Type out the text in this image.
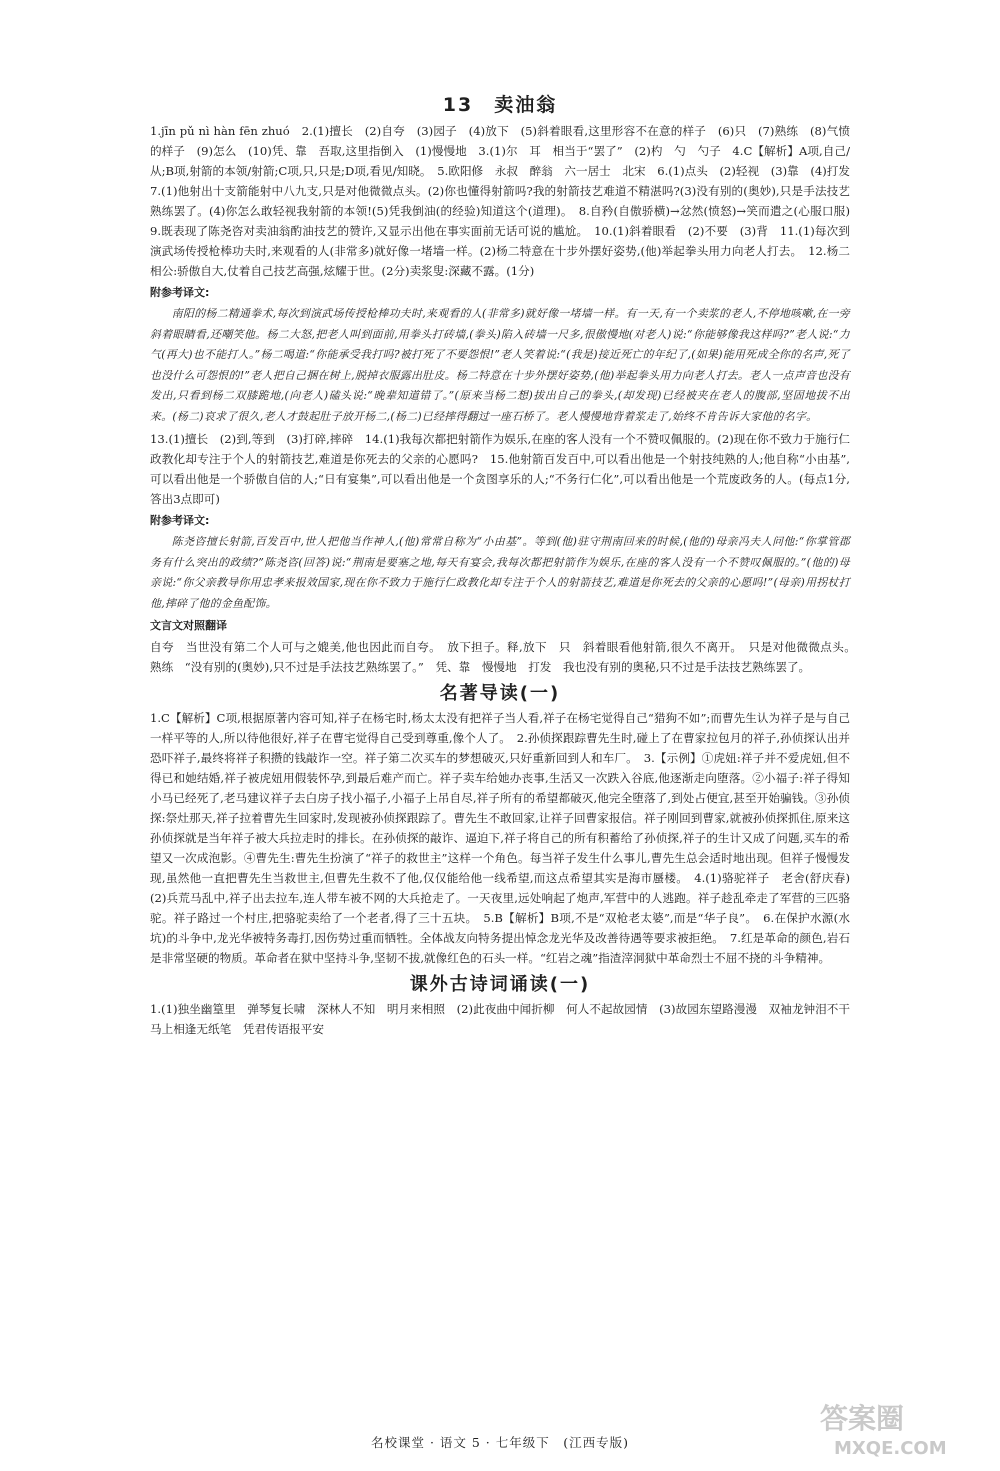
13　卖油翁

1.jīn pǔ nì hàn fēn zhuó　2.(1)擅长　(2)自夸　(3)园子　(4)放下　(5)斜着眼看,这里形容不在意的样子　(6)只　(7)熟练　(8)气愤的样子　(9)怎么　(10)凭、靠　吾取,这里指倒入　(1)慢慢地　3.(1)尔　耳　相当于“罢了”　(2)杓　勺　勺子　4.C【解析】A项,自己/从;B项,射箭的本领/射箭;C项,只,只是;D项,看见/知晓。　5.欧阳修　永叔　醉翁　六一居士　北宋　6.(1)点头　(2)轻视　(3)靠　(4)打发　7.(1)他射出十支箭能射中八九支,只是对他微微点头。(2)你也懂得射箭吗?我的射箭技艺难道不精湛吗?(3)没有别的(奥妙),只是手法技艺熟练罢了。(4)你怎么敢轻视我射箭的本领!(5)凭我倒油(的经验)知道这个(道理)。　8.自矜(自傲骄横)→忿然(愤怒)→笑而遣之(心服口服)　9.既表现了陈尧咨对卖油翁酌油技艺的赞许,又显示出他在事实面前无话可说的尴尬。　10.(1)斜着眼看　(2)不要　(3)背　11.(1)每次到演武场传授枪棒功夫时,来观看的人(非常多)就好像一堵墙一样。(2)杨二特意在十步外摆好姿势,(他)举起拳头用力向老人打去。　12.杨二相公:骄傲自大,仗着自己技艺高强,炫耀于世。(2分)卖浆叟:深藏不露。(1分)

附参考译文:

南阳的杨二精通拳术,每次到演武场传授枪棒功夫时,来观看的人(非常多)就好像一堵墙一样。有一天,有一个卖浆的老人,不停地咳嗽,在一旁斜着眼睛看,还嘲笑他。杨二大怒,把老人叫到面前,用拳头打砖墙,(拳头)陷入砖墙一尺多,很傲慢地(对老人)说:“你能够像我这样吗?”老人说:“力气(再大)也不能打人。”杨二喝道:“你能承受我打吗?被打死了不要怨恨!”老人笑着说:“(我是)接近死亡的年纪了,(如果)能用死成全你的名声,死了也没什么可怨恨的!”老人把自己捆在树上,脱掉衣服露出肚皮。杨二特意在十步外摆好姿势,(他)举起拳头用力向老人打去。老人一点声音也没有发出,只看到杨二双膝跪地,(向老人)磕头说:“晚辈知道错了。”(原来当杨二想)拔出自己的拳头,(却发现)已经被夹在老人的腹部,坚固地拔不出来。(杨二)哀求了很久,老人才鼓起肚子放开杨二,(杨二)已经摔得翻过一座石桥了。老人慢慢地背着浆走了,始终不肯告诉大家他的名字。

13.(1)擅长　(2)到,等到　(3)打碎,摔碎　14.(1)我每次都把射箭作为娱乐,在座的客人没有一个不赞叹佩服的。(2)现在你不致力于施行仁政教化却专注于个人的射箭技艺,难道是你死去的父亲的心愿吗?　15.他射箭百发百中,可以看出他是一个射技纯熟的人;他自称“小由基”,可以看出他是一个骄傲自信的人;“日有宴集”,可以看出他是一个贪图享乐的人;“不务行仁化”,可以看出他是一个荒废政务的人。(每点1分,答出3点即可)

附参考译文:

陈尧咨擅长射箭,百发百中,世人把他当作神人,(他)常常自称为“小由基”。等到(他)驻守荆南回来的时候,(他的)母亲冯夫人问他:“你掌管郡务有什么突出的政绩?”陈尧咨(回答)说:“荆南是要塞之地,每天有宴会,我每次都把射箭作为娱乐,在座的客人没有一个不赞叹佩服的。”(他的)母亲说:“你父亲教导你用忠孝来报效国家,现在你不致力于施行仁政教化却专注于个人的射箭技艺,难道是你死去的父亲的心愿吗!”(母亲)用拐杖打他,摔碎了他的金鱼配饰。

文言文对照翻译

自夸　当世没有第二个人可与之媲美,他也因此而自夸。　放下担子。释,放下　只　斜着眼看他射箭,很久不离开。　只是对他微微点头。　熟练　“没有别的(奥妙),只不过是手法技艺熟练罢了。”　凭、靠　慢慢地　打发　我也没有别的奥秘,只不过是手法技艺熟练罢了。

名著导读(一)

1.C【解析】C项,根据原著内容可知,祥子在杨宅时,杨太太没有把祥子当人看,祥子在杨宅觉得自己“猎狗不如”;而曹先生认为祥子是与自己一样平等的人,所以待他很好,祥子在曹宅觉得自己受到尊重,像个人了。　2.孙侦探跟踪曹先生时,碰上了在曹家拉包月的祥子,孙侦探认出并恐吓祥子,最终将祥子积攒的钱敲诈一空。祥子第二次买车的梦想破灭,只好重新回到人和车厂。　3.【示例】①虎妞:祥子并不爱虎妞,但不得已和她结婚,祥子被虎妞用假装怀孕,到最后难产而亡。祥子卖车给她办丧事,生活又一次跌入谷底,他逐渐走向堕落。②小福子:祥子得知小马已经死了,老马建议祥子去白房子找小福子,小福子上吊自尽,祥子所有的希望都破灭,他完全堕落了,到处占便宜,甚至开始骗钱。③孙侦探:祭灶那天,祥子拉着曹先生回家时,发现被孙侦探跟踪了。曹先生不敢回家,让祥子回曹家报信。祥子刚回到曹家,就被孙侦探抓住,原来这孙侦探就是当年祥子被大兵拉走时的排长。在孙侦探的敲诈、逼迫下,祥子将自己的所有积蓄给了孙侦探,祥子的生计又成了问题,买车的希望又一次成泡影。④曹先生:曹先生扮演了“祥子的救世主”这样一个角色。每当祥子发生什么事儿,曹先生总会适时地出现。但祥子慢慢发现,虽然他一直把曹先生当救世主,但曹先生救不了他,仅仅能给他一线希望,而这点希望其实是海市蜃楼。　4.(1)骆驼祥子　老舍(舒庆春)　(2)兵荒马乱中,祥子出去拉车,连人带车被不网的大兵抢走了。一天夜里,远处响起了炮声,军营中的人逃跑。祥子趁乱牵走了军营的三匹骆驼。祥子路过一个村庄,把骆驼卖给了一个老者,得了三十五块。　5.B【解析】B项,不是“双枪老太婆”,而是“华子良”。　6.在保护水源(水坑)的斗争中,龙光华被特务毒打,因伤势过重而牺牲。全体战友向特务提出悼念龙光华及改善待遇等要求被拒绝。　7.红是革命的颜色,岩石是非常坚硬的物质。革命者在狱中坚持斗争,坚韧不拔,就像红色的石头一样。“红岩之魂”指渣滓洞狱中革命烈士不屈不挠的斗争精神。

课外古诗词诵读(一)

1.(1)独坐幽篁里　弹琴复长啸　深林人不知　明月来相照　(2)此夜曲中闻折柳　何人不起故园情　(3)故园东望路漫漫　双袖龙钟泪不干　马上相逢无纸笔　凭君传语报平安

名校课堂 · 语文 5 · 七年级下　(江西专版)
答案圈
MXQE.COM
